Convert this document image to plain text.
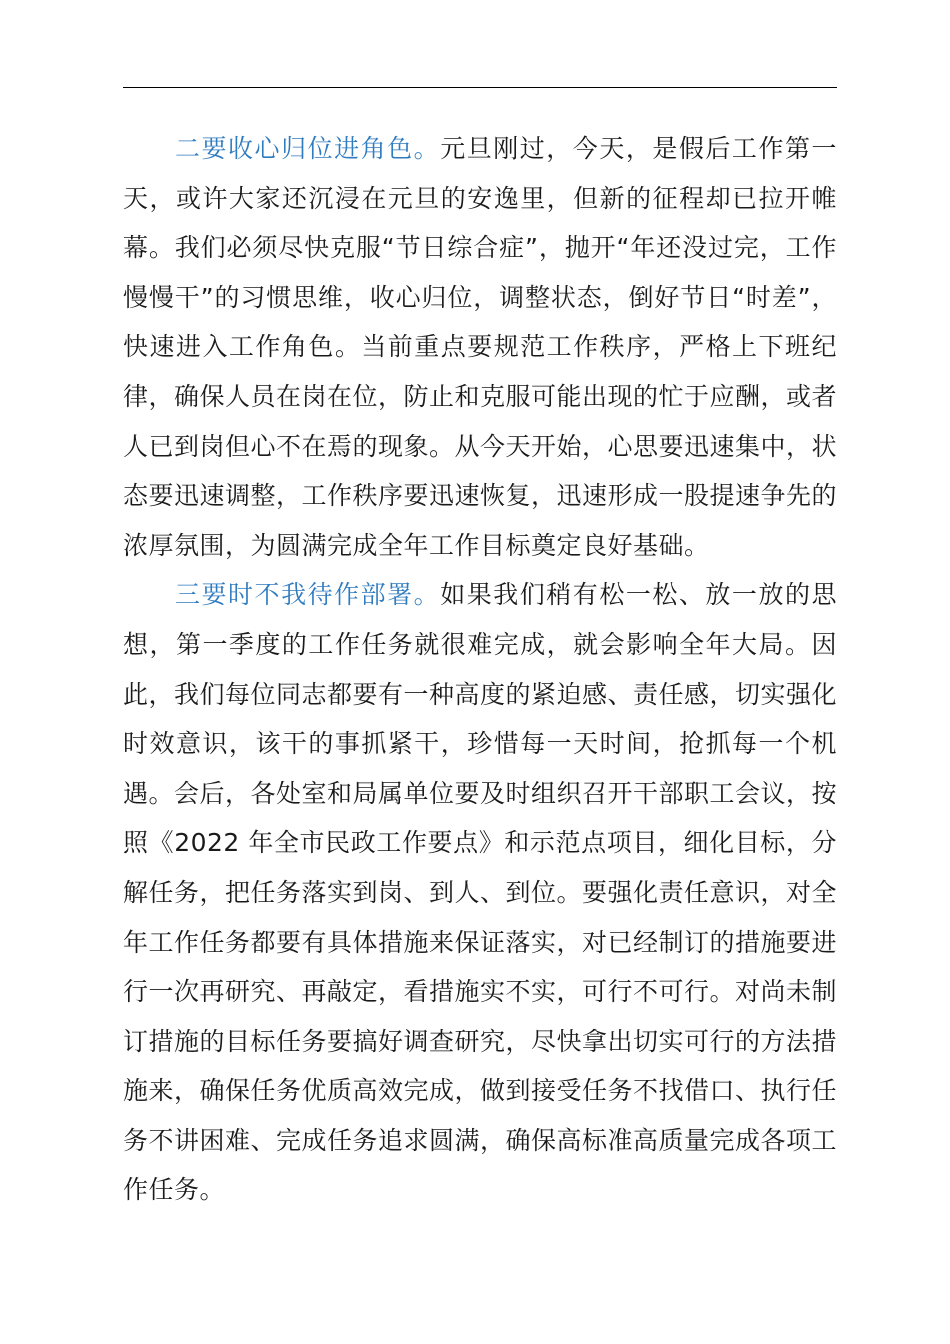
二要收心归位进角色。元旦刚过，今天，是假后工作第一天，或许大家还沉浸在元旦的安逸里，但新的征程却已拉开帷幕。我们必须尽快克服“节日综合症”，抛开“年还没过完，工作慢慢干”的习惯思维，收心归位，调整状态，倒好节日“时差”，快速进入工作角色。当前重点要规范工作秩序，严格上下班纪律，确保人员在岗在位，防止和克服可能出现的忙于应酬，或者人已到岗但心不在焉的现象。从今天开始，心思要迅速集中，状态要迅速调整，工作秩序要迅速恢复，迅速形成一股提速争先的浓厚氛围，为圆满完成全年工作目标奠定良好基础。

三要时不我待作部署。如果我们稍有松一松、放一放的思想，第一季度的工作任务就很难完成，就会影响全年大局。因此，我们每位同志都要有一种高度的紧迫感、责任感，切实强化时效意识，该干的事抓紧干，珍惜每一天时间，抢抓每一个机遇。会后，各处室和局属单位要及时组织召开干部职工会议，按照《2022 年全市民政工作要点》和示范点项目，细化目标，分解任务，把任务落实到岗、到人、到位。要强化责任意识，对全年工作任务都要有具体措施来保证落实，对已经制订的措施要进行一次再研究、再敲定，看措施实不实，可行不可行。对尚未制订措施的目标任务要搞好调查研究，尽快拿出切实可行的方法措施来，确保任务优质高效完成，做到接受任务不找借口、执行任务不讲困难、完成任务追求圆满，确保高标准高质量完成各项工作任务。
